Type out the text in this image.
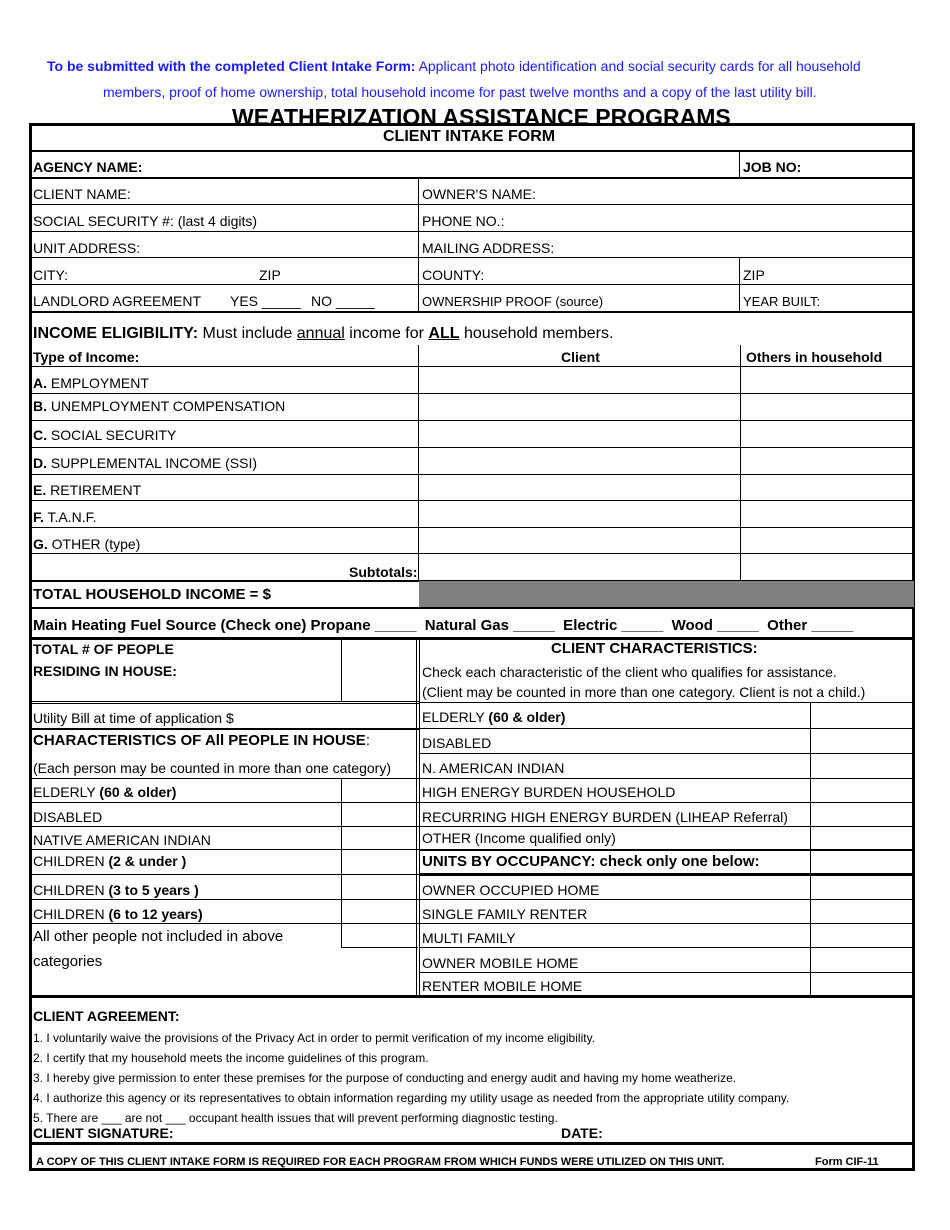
To be submitted with the completed Client Intake Form: Applicant photo identification and social security cards for all household
members, proof of home ownership, total household income for past twelve months and a copy of the last utility bill.
WEATHERIZATION ASSISTANCE PROGRAMS
CLIENT INTAKE FORM
AGENCY NAME:	JOB NO:
CLIENT NAME:	OWNER'S NAME:
SOCIAL SECURITY #: (last 4 digits)	PHONE NO.:
UNIT ADDRESS:	MAILING ADDRESS:
CITY:	ZIP	COUNTY:	ZIP
LANDLORD AGREEMENT YES _____ NO _____	OWNERSHIP PROOF (source)	YEAR BUILT:
INCOME ELIGIBILITY: Must include annual income for ALL household members.
Type of Income:	Client	Others in household
A. EMPLOYMENT
B. UNEMPLOYMENT COMPENSATION
C. SOCIAL SECURITY
D. SUPPLEMENTAL INCOME (SSI)
E. RETIREMENT
F. T.A.N.F.
G. OTHER (type)
Subtotals:
TOTAL HOUSEHOLD INCOME = $
Main Heating Fuel Source (Check one) Propane _____  Natural Gas _____  Electric _____  Wood _____  Other _____
TOTAL # OF PEOPLE
RESIDING IN HOUSE:
Utility Bill at time of application $
CHARACTERISTICS OF All PEOPLE IN HOUSE:
(Each person may be counted in more than one category)
ELDERLY (60 & older)
DISABLED
NATIVE AMERICAN INDIAN
CHILDREN (2 & under )
CHILDREN (3 to 5 years )
CHILDREN (6 to 12 years)
All other people not included in above
categories
CLIENT CHARACTERISTICS:
Check each characteristic of the client who qualifies for assistance.
(Client may be counted in more than one category. Client is not a child.)
ELDERLY (60 & older)
DISABLED
N. AMERICAN INDIAN
HIGH ENERGY BURDEN HOUSEHOLD
RECURRING HIGH ENERGY BURDEN (LIHEAP Referral)
OTHER (Income qualified only)
UNITS BY OCCUPANCY: check only one below:
OWNER OCCUPIED HOME
SINGLE FAMILY RENTER
MULTI FAMILY
OWNER MOBILE HOME
RENTER MOBILE HOME
CLIENT AGREEMENT:
1. I voluntarily waive the provisions of the Privacy Act in order to permit verification of my income eligibility.
2. I certify that my household meets the income guidelines of this program.
3. I hereby give permission to enter these premises for the purpose of conducting and energy audit and having my home weatherize.
4. I authorize this agency or its representatives to obtain information regarding my utility usage as needed from the appropriate utility company.
5. There are ___ are not ___ occupant health issues that will prevent performing diagnostic testing.
CLIENT SIGNATURE:	DATE:
A COPY OF THIS CLIENT INTAKE FORM IS REQUIRED FOR EACH PROGRAM FROM WHICH FUNDS WERE UTILIZED ON THIS UNIT.	Form CIF-11
